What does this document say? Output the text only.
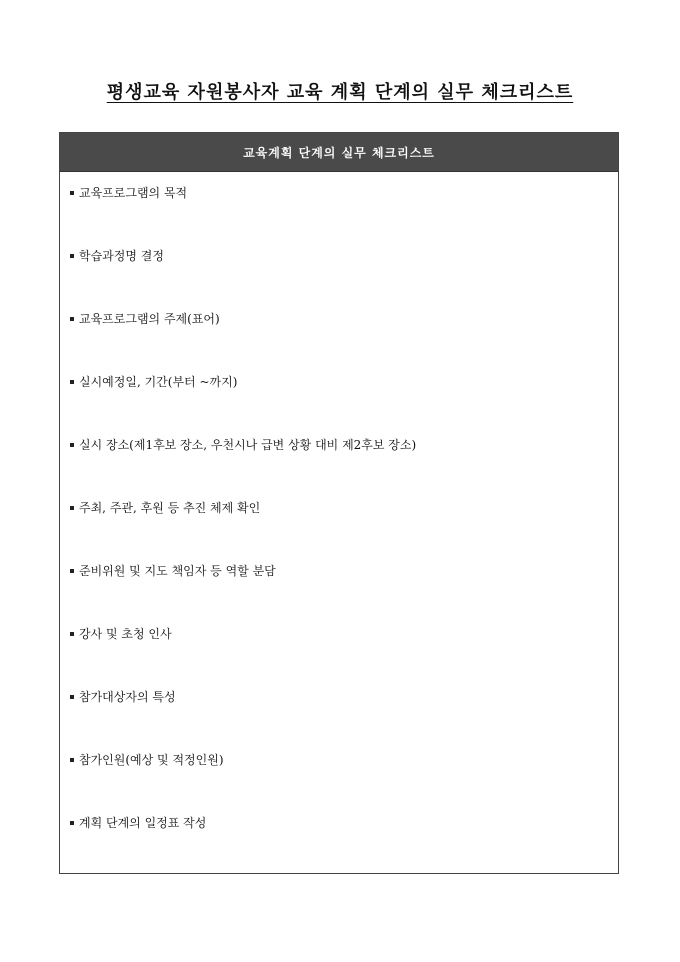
평생교육 자원봉사자 교육 계획 단계의 실무 체크리스트
교육계획 단계의 실무 체크리스트
교육프로그램의 목적
학습과정명 결정
교육프로그램의 주제(표어)
실시예정일, 기간(부터 ~까지)
실시 장소(제1후보 장소, 우천시나 급변 상황 대비 제2후보 장소)
주최, 주관, 후원 등 추진 체제 확인
준비위원 및 지도 책임자 등 역할 분담
강사 및 초청 인사
참가대상자의 특성
참가인원(예상 및 적정인원)
계획 단계의 일정표 작성
